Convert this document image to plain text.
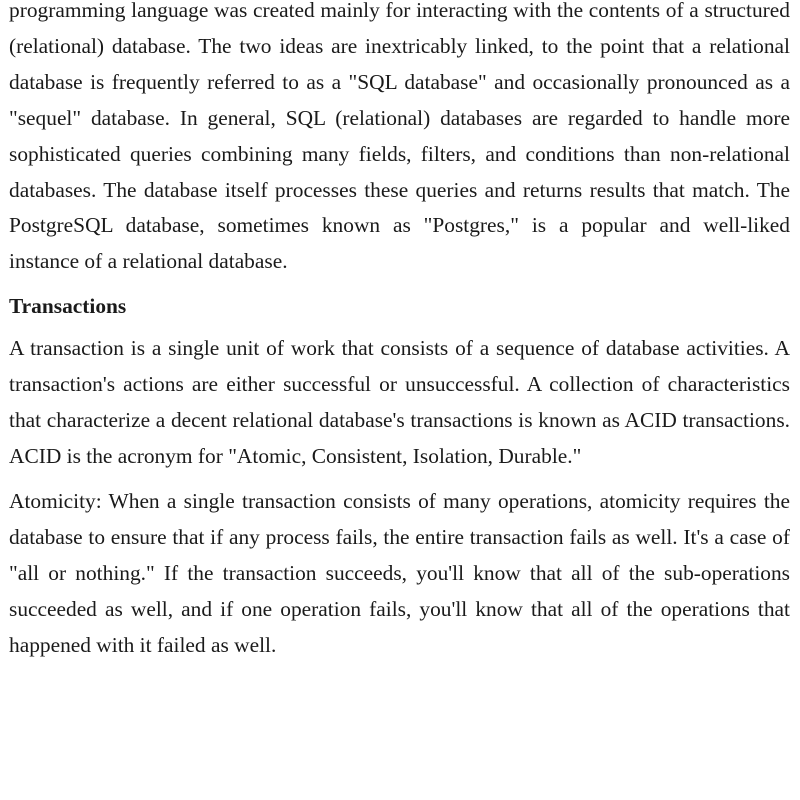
programming language was created mainly for interacting with the contents of a structured (relational) database. The two ideas are inextricably linked, to the point that a relational database is frequently referred to as a "SQL database" and occasionally pronounced as a "sequel" database. In general, SQL (relational) databases are regarded to handle more sophisticated queries combining many fields, filters, and conditions than non-relational databases. The database itself processes these queries and returns results that match. The PostgreSQL database, sometimes known as "Postgres," is a popular and well-liked instance of a relational database.

Transactions

A transaction is a single unit of work that consists of a sequence of database activities. A transaction's actions are either successful or unsuccessful. A collection of characteristics that characterize a decent relational database's transactions is known as ACID transactions. ACID is the acronym for "Atomic, Consistent, Isolation, Durable."

Atomicity: When a single transaction consists of many operations, atomicity requires the database to ensure that if any process fails, the entire transaction fails as well. It's a case of "all or nothing." If the transaction succeeds, you'll know that all of the sub-operations succeeded as well, and if one operation fails, you'll know that all of the operations that happened with it failed as well.
